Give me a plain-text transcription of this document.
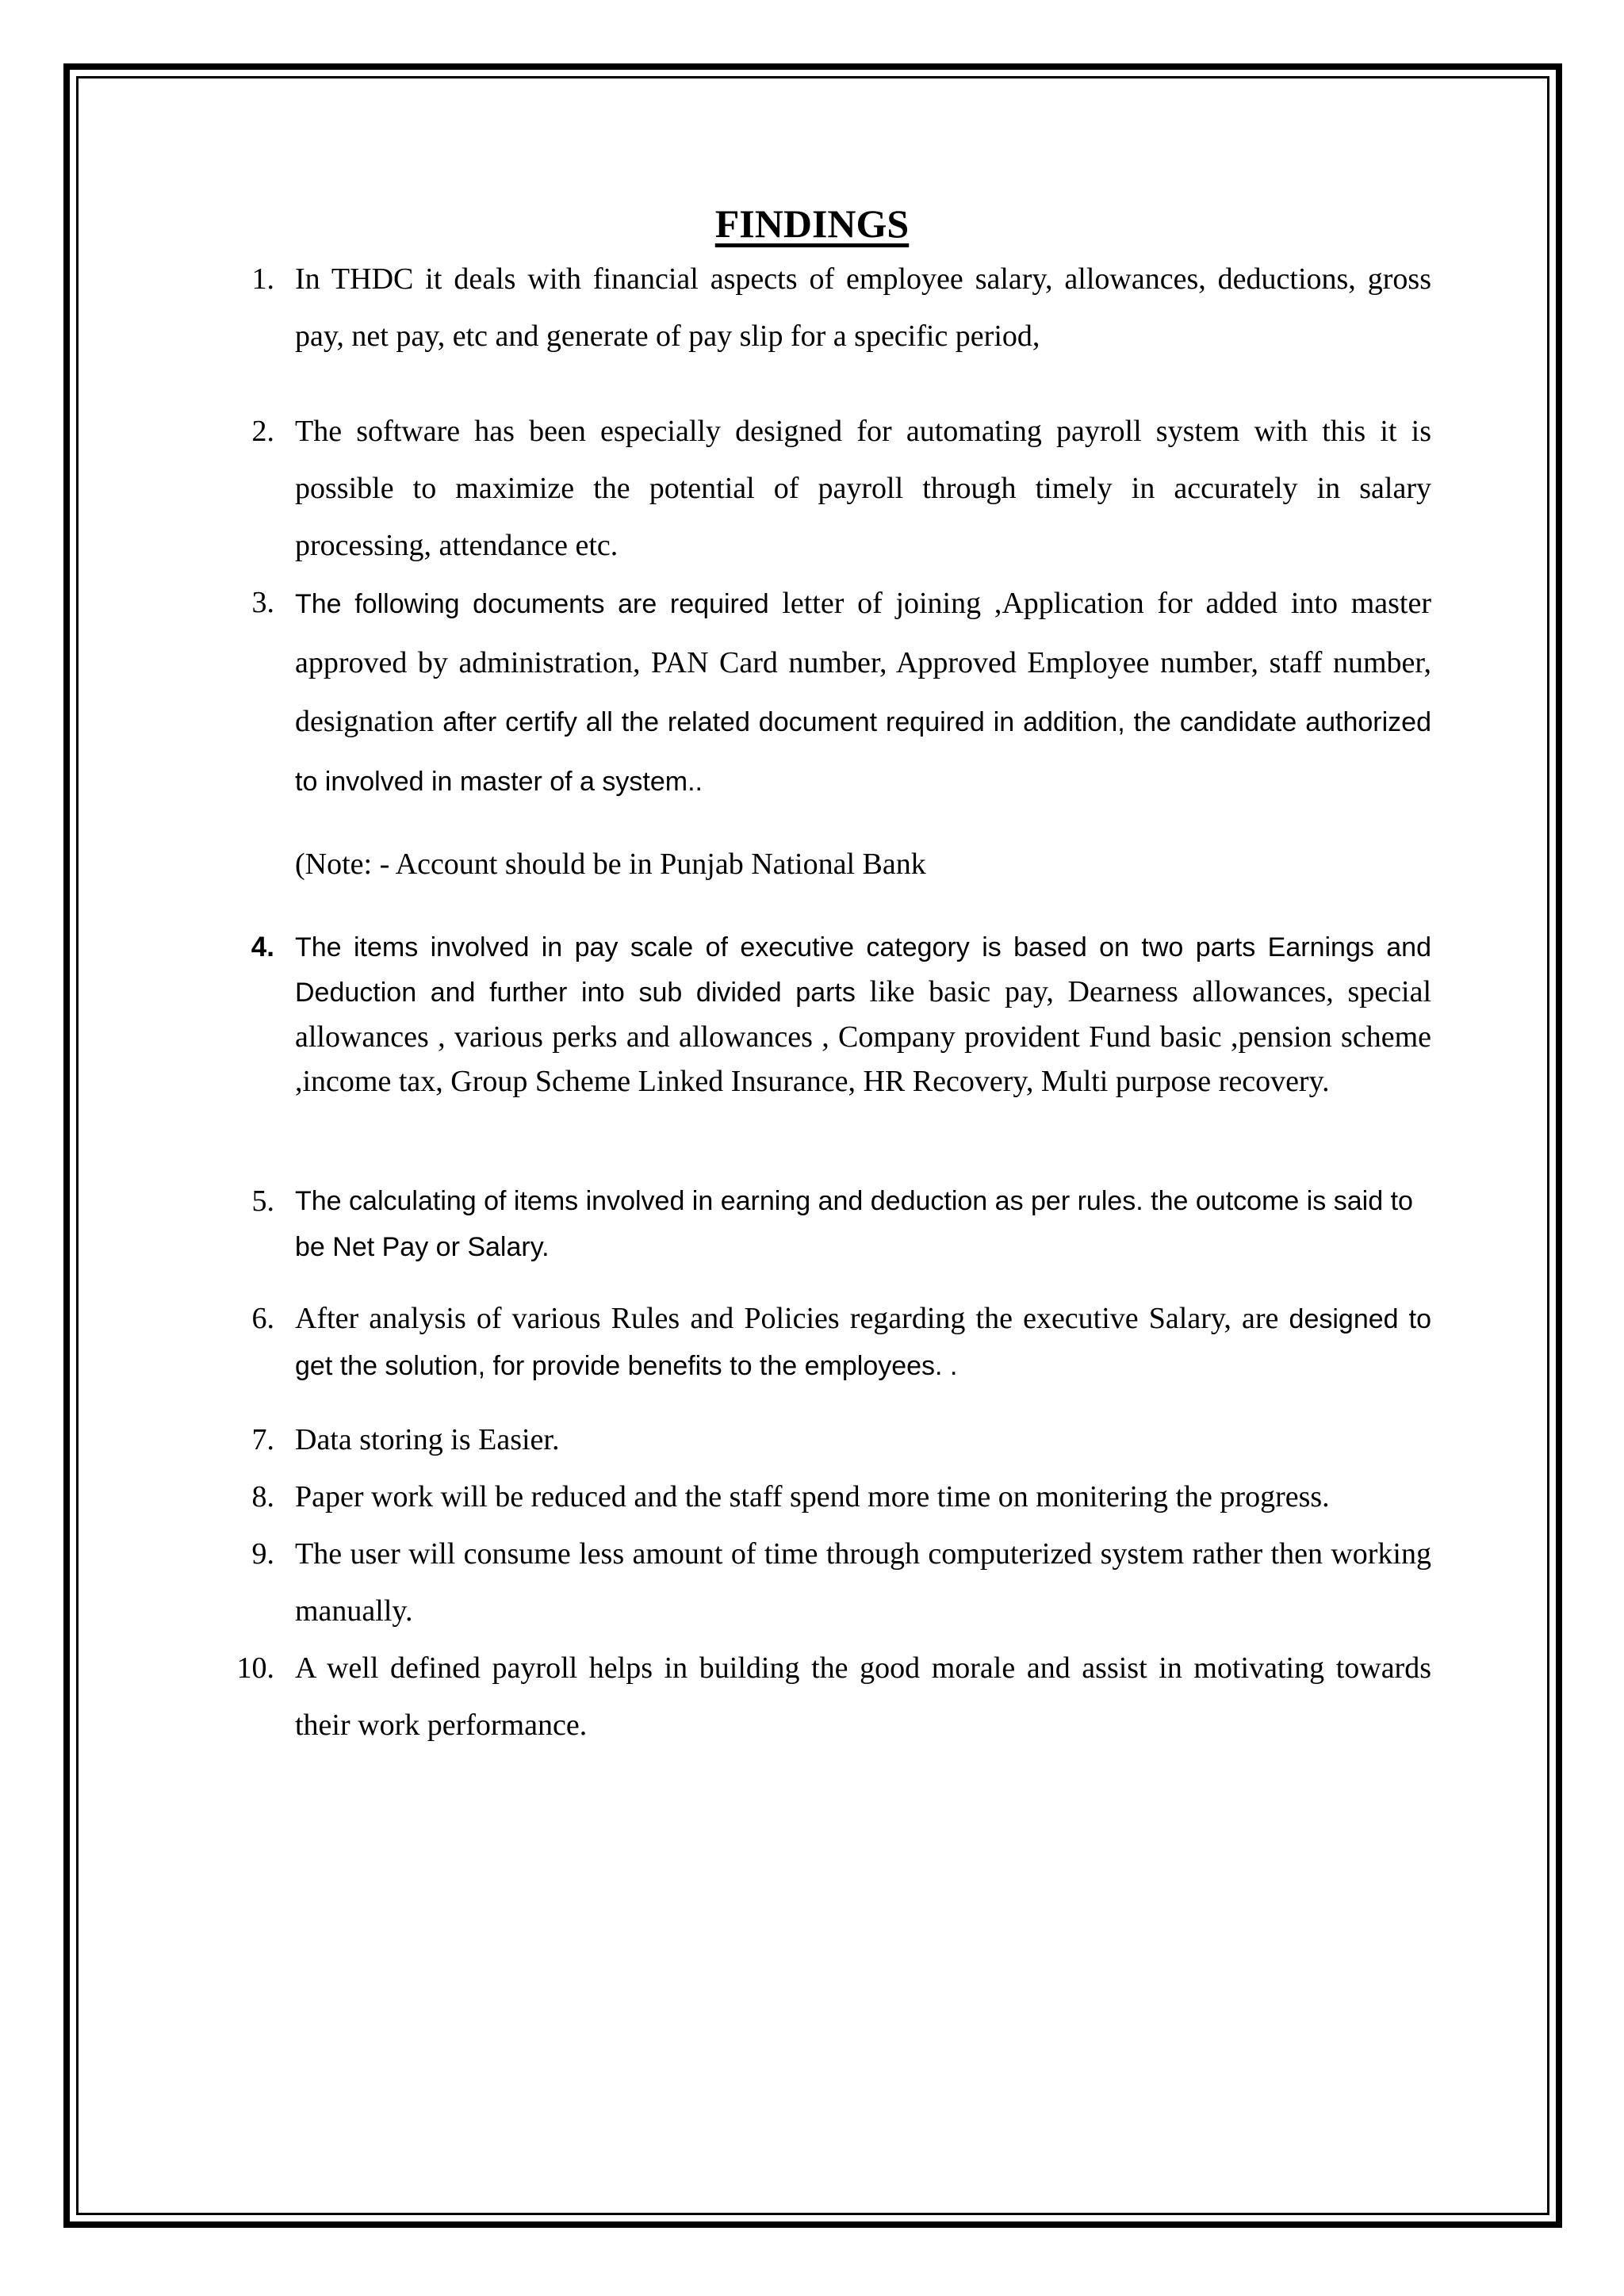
FINDINGS
1. In THDC it deals with financial aspects of employee salary, allowances, deductions, gross pay, net pay, etc and generate of pay slip for a specific period,
2. The software has been especially designed for automating payroll system with this it is possible to maximize the potential of payroll through timely in accurately in salary processing, attendance etc.
3. The following documents are required letter of joining ,Application for added into master approved by administration, PAN Card number, Approved Employee number, staff number, designation after certify all the related document required in addition, the candidate authorized to involved in master of a system..
(Note: - Account should be in Punjab National Bank
4. The items involved in pay scale of executive category is based on two parts Earnings and Deduction and further into sub divided parts like basic pay, Dearness allowances, special allowances , various perks and allowances , Company provident Fund basic ,pension scheme ,income tax, Group Scheme Linked Insurance, HR Recovery, Multi purpose recovery.
5. The calculating of items involved in earning and deduction as per rules. the outcome is said to be Net Pay or Salary.
6. After analysis of various Rules and Policies regarding the executive Salary, are designed to get the solution, for provide benefits to the employees. .
7. Data storing is Easier.
8. Paper work will be reduced and the staff spend more time on monitering the progress.
9. The user will consume less amount of time through computerized system rather then working manually.
10. A well defined payroll helps in building the good morale and assist in motivating towards their work performance.
